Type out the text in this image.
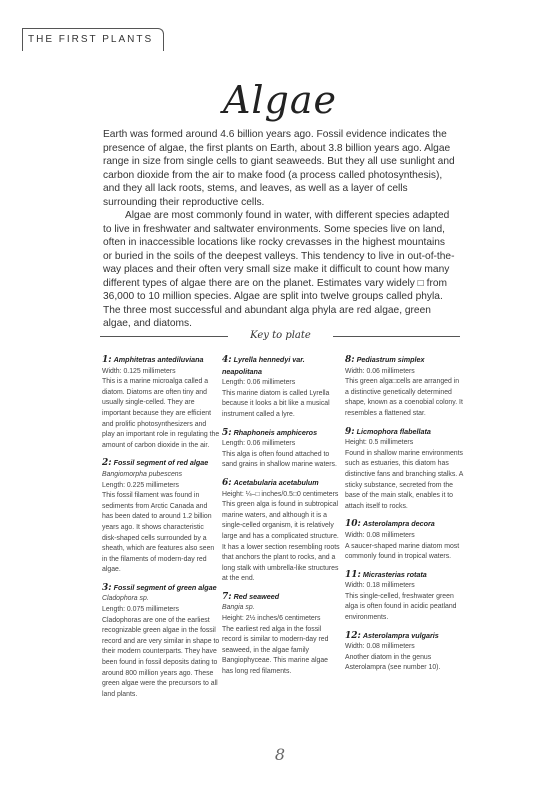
THE FIRST PLANTS
Algae

Earth was formed around 4.6 billion years ago. Fossil evidence indicates the presence of algae, the first plants on Earth, about 3.8 billion years ago. Algae range in size from single cells to giant seaweeds. But they all use sunlight and carbon dioxide from the air to make food (a process called photosynthesis), and they all lack roots, stems, and leaves, as well as a layer of cells surrounding their reproductive cells.

Algae are most commonly found in water, with different species adapted to live in freshwater and saltwater environments. Some species live on land, often in inaccessible locations like rocky crevasses in the highest mountains or buried in the soils of the deepest valleys. This tendency to live in out-of-the-way places and their often very small size make it difficult to count how many different types of algae there are on the planet. Estimates vary widely □ from 36,000 to 10 million species. Algae are split into twelve groups called phyla. The three most successful and abundant alga phyla are red algae, green algae, and diatoms.

Key to plate
1: Amphitetras antediluviana
Width: 0.125 millimeters
This is a marine microalga called a diatom. Diatoms are often tiny and usually single-celled. They are important because they are efficient and prolific photosynthesizers and play an important role in regulating the amount of carbon dioxide in the air.
2: Fossil segment of red algae
Bangiomorpha pubescens
Length: 0.225 millimeters
This fossil filament was found in sediments from Arctic Canada and has been dated to around 1.2 billion years ago. It shows characteristic disk-shaped cells surrounded by a sheath, which are features also seen in the filaments of modern-day red algae.
3: Fossil segment of green algae
Cladophora sp.
Length: 0.075 millimeters
Cladophoras are one of the earliest recognizable green algae in the fossil record and are very similar in shape to their modern counterparts. They have been found in fossil deposits dating to around 800 million years ago. These green algae were the precursors to all land plants.
4: Lyrella hennedyi var. neapolitana
Length: 0.06 millimeters
This marine diatom is called Lyrella because it looks a bit like a musical instrument called a lyre.
5: Rhaphoneis amphiceros
Length: 0.06 millimeters
This alga is often found attached to sand grains in shallow marine waters.
6: Acetabularia acetabulum
Height: ¼–□ inches/0.5□0 centimeters
This green alga is found in subtropical marine waters, and although it is a single-celled organism, it is relatively large and has a complicated structure. It has a lower section resembling roots that anchors the plant to rocks, and a long stalk with umbrella-like structures at the end.
7: Red seaweed
Bangia sp.
Height: 2½ inches/6 centimeters
The earliest red alga in the fossil record is similar to modern-day red seaweed, in the algae family Bangiophyceae. This marine algae has long red filaments.
8: Pediastrum simplex
Width: 0.06 millimeters
This green alga□cells are arranged in a distinctive genetically determined shape, known as a coenobial colony. It resembles a flattened star.
9: Licmophora flabellata
Height: 0.5 millimeters
Found in shallow marine environments such as estuaries, this diatom has distinctive fans and branching stalks. A sticky substance, secreted from the base of the main stalk, enables it to attach itself to rocks.
10: Asterolampra decora
Width: 0.08 millimeters
A saucer-shaped marine diatom most commonly found in tropical waters.
11: Micrasterias rotata
Width: 0.18 millimeters
This single-celled, freshwater green alga is often found in acidic peatland environments.
12: Asterolampra vulgaris
Width: 0.08 millimeters
Another diatom in the genus Asterolampra (see number 10).
8
